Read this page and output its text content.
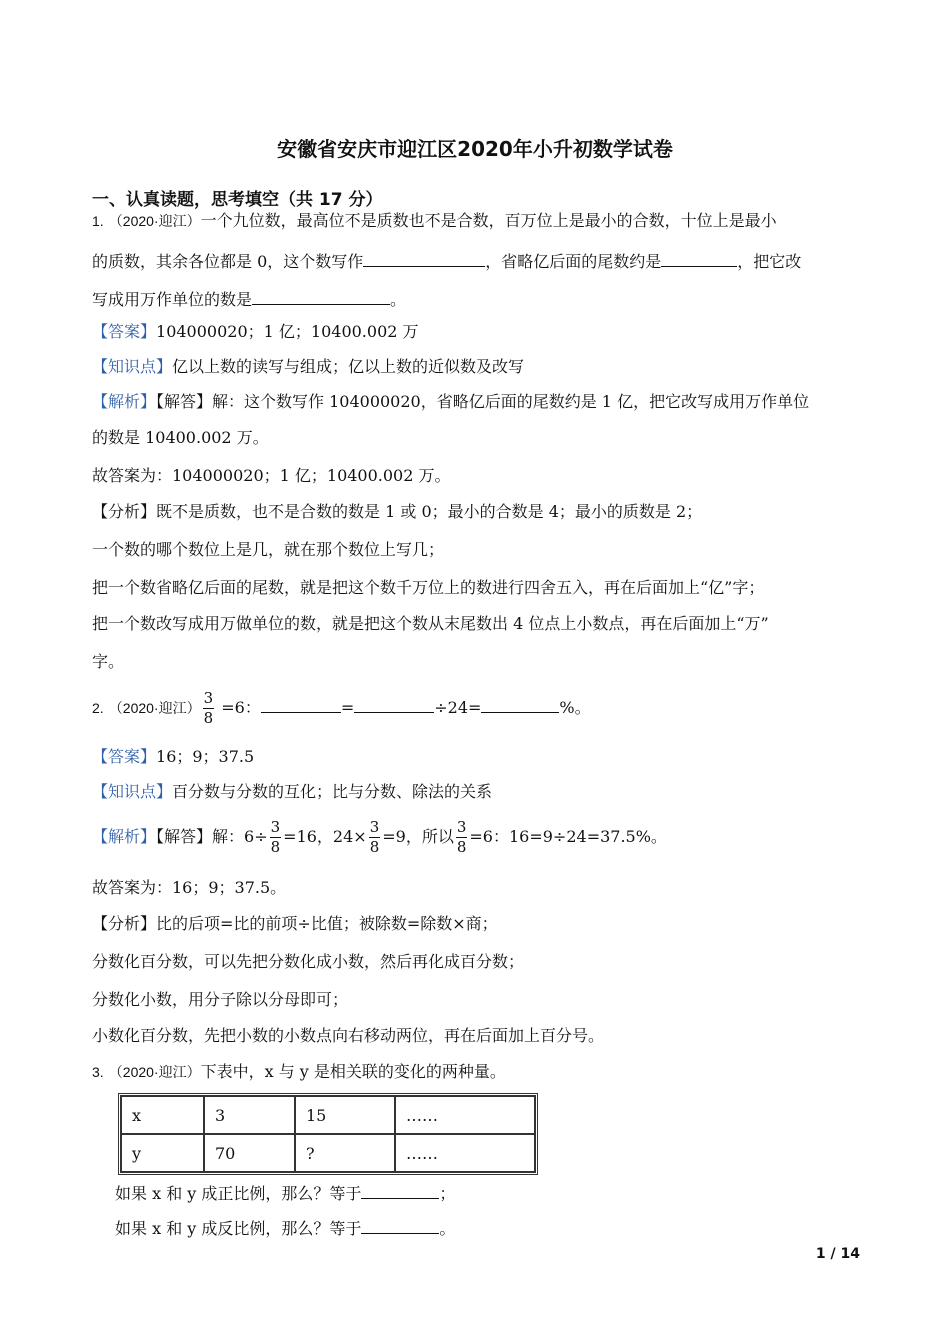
安徽省安庆市迎江区2020年小升初数学试卷
一、认真读题，思考填空（共 17 分）
1. （2020·迎江）一个九位数，最高位不是质数也不是合数，百万位上是最小的合数，十位上是最小
的质数，其余各位都是 0，这个数写作	，省略亿后面的尾数约是	，把它改
写成用万作单位的数是	。
【答案】104000020；1 亿；10400.002 万
【知识点】亿以上数的读写与组成；亿以上数的近似数及改写
【解析】【解答】解：这个数写作 104000020，省略亿后面的尾数约是 1 亿，把它改写成用万作单位
的数是 10400.002 万。
故答案为：104000020；1 亿；10400.002 万。
【分析】既不是质数，也不是合数的数是 1 或 0；最小的合数是 4；最小的质数是 2；
一个数的哪个数位上是几，就在那个数位上写几；
把一个数省略亿后面的尾数，就是把这个数千万位上的数进行四舍五入，再在后面加上“亿”字；
把一个数改写成用万做单位的数，就是把这个数从末尾数出 4 位点上小数点，再在后面加上“万”
字。
2. （2020·迎江） $\frac{3}{8} =6$：	=	÷24=	%。
【答案】16；9；37.5
【知识点】百分数与分数的互化；比与分数、除法的关系
【解析】【解答】解：$6\div \frac{3}{8} =16$，$24\times \frac{3}{8} =9$，所以 $\frac{3}{8} =6$：16=9÷24=37.5%。
故答案为：16；9；37.5。
【分析】比的后项=比的前项÷比值；被除数=除数×商；
分数化百分数，可以先把分数化成小数，然后再化成百分数；
分数化小数，用分子除以分母即可；
小数化百分数，先把小数的小数点向右移动两位，再在后面加上百分号。
3. （2020·迎江）下表中，x 与 y 是相关联的变化的两种量。
x	3	15	……
y	70	?	……
如果 x 和 y 成正比例，那么？等于	；
如果 x 和 y 成反比例，那么？等于	。
1 / 14
